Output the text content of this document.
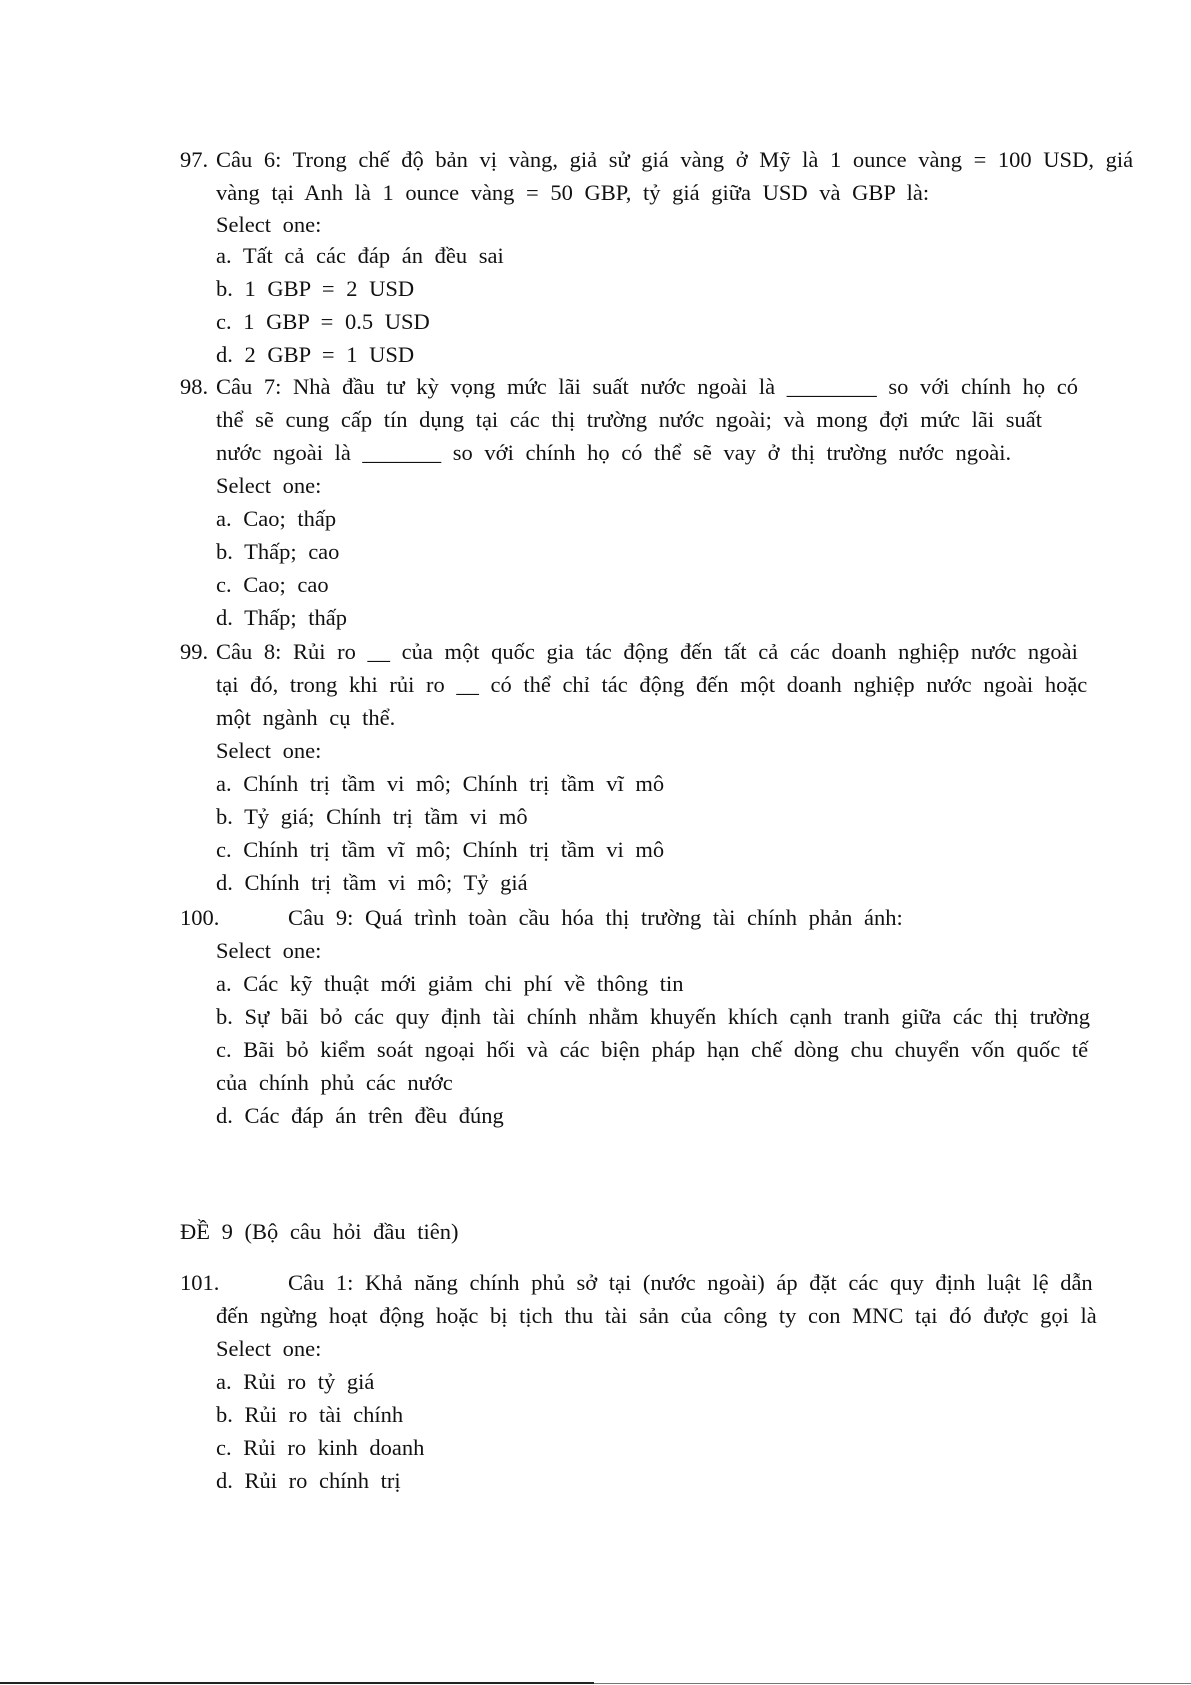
97. Câu 6: Trong chế độ bản vị vàng, giả sử giá vàng ở Mỹ là 1 ounce vàng = 100 USD, giá
vàng tại Anh là 1 ounce vàng = 50 GBP, tỷ giá giữa USD và GBP là:
Select one:
a. Tất cả các đáp án đều sai
b. 1 GBP = 2 USD
c. 1 GBP = 0.5 USD
d. 2 GBP = 1 USD
98. Câu 7: Nhà đầu tư kỳ vọng mức lãi suất nước ngoài là ________ so với chính họ có
thể sẽ cung cấp tín dụng tại các thị trường nước ngoài; và mong đợi mức lãi suất
nước ngoài là _______ so với chính họ có thể sẽ vay ở thị trường nước ngoài.
Select one:
a. Cao; thấp
b. Thấp; cao
c. Cao; cao
d. Thấp; thấp
99. Câu 8: Rủi ro __ của một quốc gia tác động đến tất cả các doanh nghiệp nước ngoài
tại đó, trong khi rủi ro __ có thể chỉ tác động đến một doanh nghiệp nước ngoài hoặc
một ngành cụ thể.
Select one:
a. Chính trị tầm vi mô; Chính trị tầm vĩ mô
b. Tỷ giá; Chính trị tầm vi mô
c. Chính trị tầm vĩ mô; Chính trị tầm vi mô
d. Chính trị tầm vi mô; Tỷ giá
100.	Câu 9: Quá trình toàn cầu hóa thị trường tài chính phản ánh:
Select one:
a. Các kỹ thuật mới giảm chi phí về thông tin
b. Sự bãi bỏ các quy định tài chính nhằm khuyến khích cạnh tranh giữa các thị trường
c. Bãi bỏ kiểm soát ngoại hối và các biện pháp hạn chế dòng chu chuyển vốn quốc tế
của chính phủ các nước
d. Các đáp án trên đều đúng
ĐỀ 9 (Bộ câu hỏi đầu tiên)
101.	Câu 1: Khả năng chính phủ sở tại (nước ngoài) áp đặt các quy định luật lệ dẫn
đến ngừng hoạt động hoặc bị tịch thu tài sản của công ty con MNC tại đó được gọi là
Select one:
a. Rủi ro tỷ giá
b. Rủi ro tài chính
c. Rủi ro kinh doanh
d. Rủi ro chính trị
